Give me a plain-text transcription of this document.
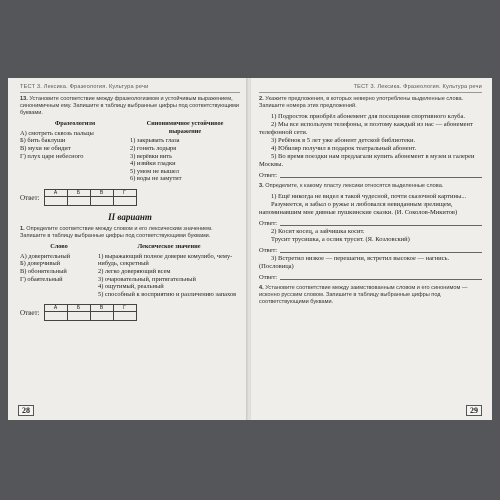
ТЕСТ 3. Лексика. Фразеология. Культура речи

13. Установите соответствие между фразеологизмом и устойчивым выражением, синонимичным ему. Запишите в таблицу выбранные цифры под соответствующими буквами.

Фразеологизм
А) смотреть сквозь пальцы
Б) бить баклуши
В) мухи не обидит
Г) плух царе небесного
Синонимичное устойчивое выражение
1) закрывать глаза
2) гонять лодыря
3) верёвки вить
4) извйки гладки
5) умом не вышел
6) воды не замутит
Ответ:
А	Б	В	Г

II вариант

1. Определите соответствие между словом и его лексическим значением. Запишите в таблицу выбранные цифры под соответствующими буквами.

Слово
А) доверительный
Б) доверчивый
В) обонятельный
Г) обаятельный
Лексическое значение
1) выражающий полное доверие комулибо, чему-нибудь, секретный
2) легко доверяющий всем
3) очаровательный, притягательный
4) ощутимый, реальный
5) способный к восприятию и различению запахов
Ответ:
А	Б	В	Г

28
ТЕСТ 3. Лексика. Фразеология. Культура речи

2. Укажите предложения, в которых неверно употреблены выделенные слова. Запишите номера этих предложений.

1) Подросток приобрёл абонемент для посещения спортивного клуба.

2) Мы все используем телефоны, и поэтому каждый из нас — абонемент телефонной сети.

3) Ребёнок в 5 лет уже абонент детской библиотеки.

4) Юбиляр получил в подарок театральный абонент.

5) Во время поездки нам предлагали купить абонемент в музеи и галереи Москвы.

Ответ:

3. Определите, к какому пласту лексики относятся выделенные слова.

1) Ещё никогда не видел я такой чудесной, почти сказочной картины...

Разумеется, я забыл о ружье и любовался невиданным зрелищем, напоминавшим мне дивные пушкинские сказки. (И. Соколов-Микитов)

Ответ:

2) Косит косец, а зайчишка косит.

Трусит трусишка, а ослик трусит. (Я. Козловский)

Ответ:

3) Встретил низкое — перешагни, встретил высокое — нагнись. (Пословица)

Ответ:

4. Установите соответствие между заимствованным словом и его синонимом — исконно русским словом. Запишите в таблицу выбранные цифры под соответствующими буквами.

29
